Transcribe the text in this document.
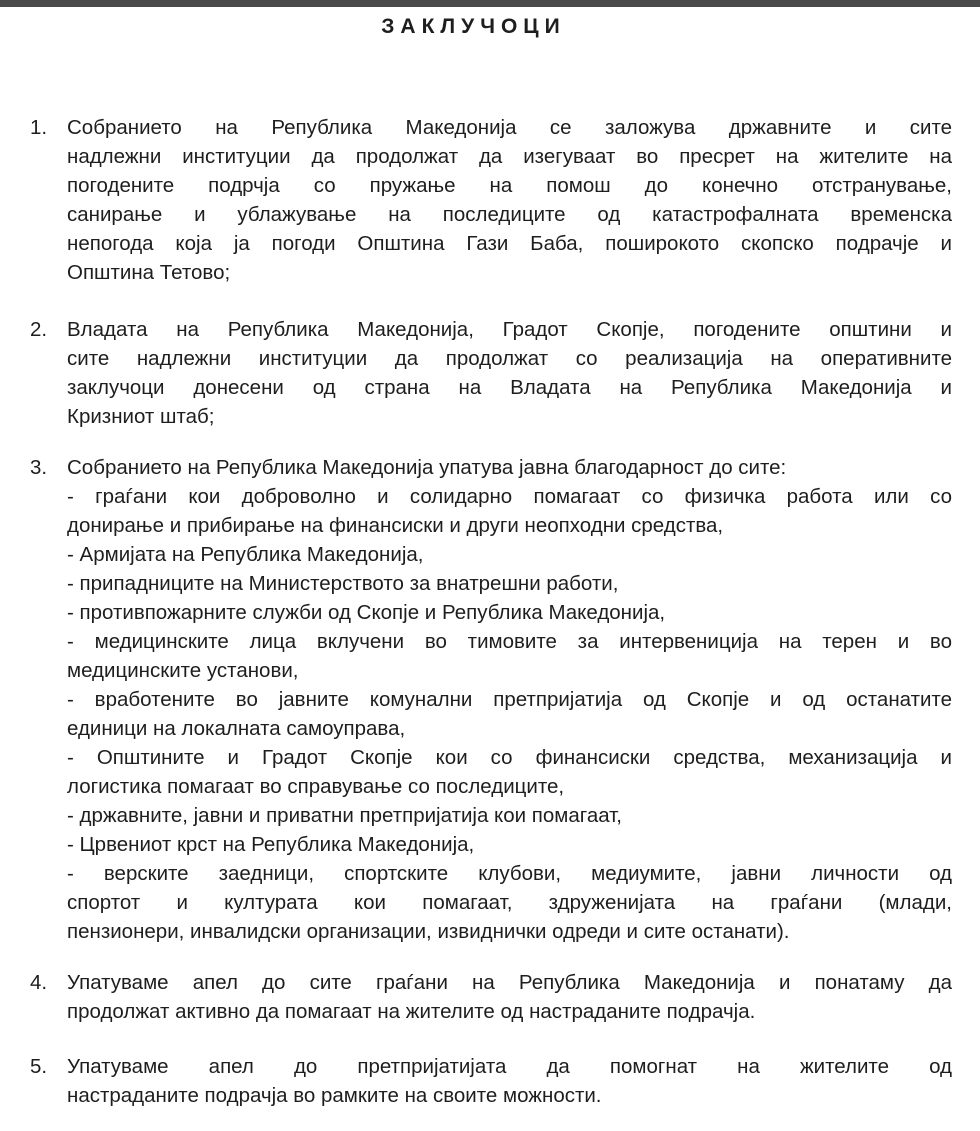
ЗАКЛУЧОЦИ
1. Собранието на Република Македонија се заложува државните и сите
надлежни институции да продолжат да изегуваат во пресрет на жителите на
погодените подрчја со пружање на помош до конечно отстранување,
санирање и ублажување на последиците од катастрофалната временска
непогода која ја погоди Општина Гази Баба, поширокото скопско подрачје и
Општина Тетово;
2. Владата на Република Македонија, Градот Скопје, погодените општини и
сите надлежни институции да продолжат со реализација на оперативните
заклучоци донесени од страна на Владата на Република Македонија и
Кризниот штаб;
3. Собранието на Република Македонија упатува јавна благодарност до сите:
- граѓани кои доброволно и солидарно помагаат со физичка работа или со
донирање и прибирање на финансиски и други неопходни средства,
- Армијата на Република Македонија,
- припадниците на Министерството за внатрешни работи,
- противпожарните служби од Скопје и Република Македонија,
- медицинските лица вклучени во тимовите за интервеницијa на терен и во
медицинските установи,
- вработените во јавните комунални претпријатија од Скопје и од останатите
единици на локалната самоуправа,
- Општините и Градот Скопје кои со финансиски средства, механизација и
логистика помагаат во справување со последиците,
- државните, јавни и приватни претпријатија кои помагаат,
- Црвениот крст на Република Македонија,
- верските заедници, спортските клубови, медиумите, јавни личности од
спортот и културата кои помагаат, здруженијата на граѓани (млади,
пензионери, инвалидски организации, извиднички одреди и сите останати).
4. Упатуваме апел до сите граѓани на Република Македонија и понатаму да
продолжат активно да помагаат на жителите од настраданите подрачја.
5. Упатуваме апел до претпријатијата да помогнат на жителите од
настраданите подрачја во рамките на своите можности.
